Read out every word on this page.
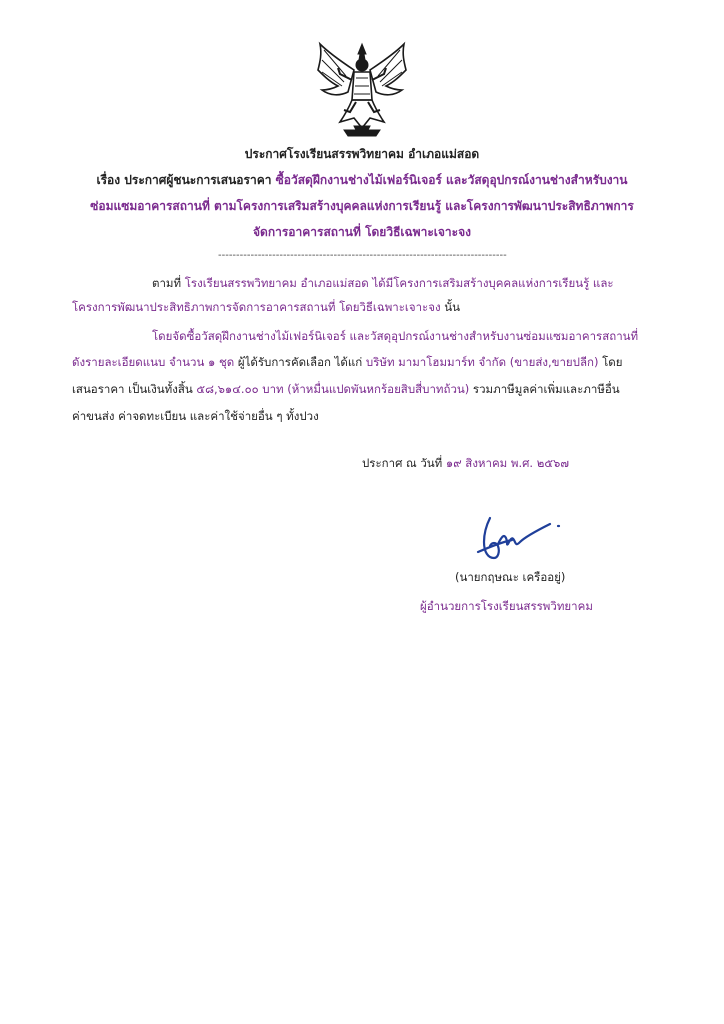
ประกาศโรงเรียนสรรพวิทยาคม อำเภอแม่สอด
เรื่อง ประกาศผู้ชนะการเสนอราคา ซื้อวัสดุฝึกงานช่างไม้เฟอร์นิเจอร์ และวัสดุอุปกรณ์งานช่างสำหรับงาน
ซ่อมแซมอาคารสถานที่ ตามโครงการเสริมสร้างบุคคลแห่งการเรียนรู้ และโครงการพัฒนาประสิทธิภาพการ
จัดการอาคารสถานที่ โดยวิธีเฉพาะเจาะจง
--------------------------------------------------------------------------------
ตามที่ โรงเรียนสรรพวิทยาคม อำเภอแม่สอด ได้มีโครงการเสริมสร้างบุคคลแห่งการเรียนรู้ และ
โครงการพัฒนาประสิทธิภาพการจัดการอาคารสถานที่ โดยวิธีเฉพาะเจาะจง นั้น
โดยจัดซื้อวัสดุฝึกงานช่างไม้เฟอร์นิเจอร์ และวัสดุอุปกรณ์งานช่างสำหรับงานซ่อมแซมอาคารสถานที่
ดังรายละเอียดแนบ จำนวน ๑ ชุด ผู้ได้รับการคัดเลือก ได้แก่ บริษัท มามาโฮมมาร์ท จำกัด (ขายส่ง,ขายปลีก) โดย
เสนอราคา เป็นเงินทั้งสิ้น ๕๘,๖๑๔.๐๐ บาท (ห้าหมื่นแปดพันหกร้อยสิบสี่บาทถ้วน) รวมภาษีมูลค่าเพิ่มและภาษีอื่น
ค่าขนส่ง ค่าจดทะเบียน และค่าใช้จ่ายอื่น ๆ ทั้งปวง
ประกาศ ณ วันที่ ๑๙ สิงหาคม พ.ศ. ๒๕๖๗
(นายกฤษณะ เครืออยู่)
ผู้อำนวยการโรงเรียนสรรพวิทยาคม
